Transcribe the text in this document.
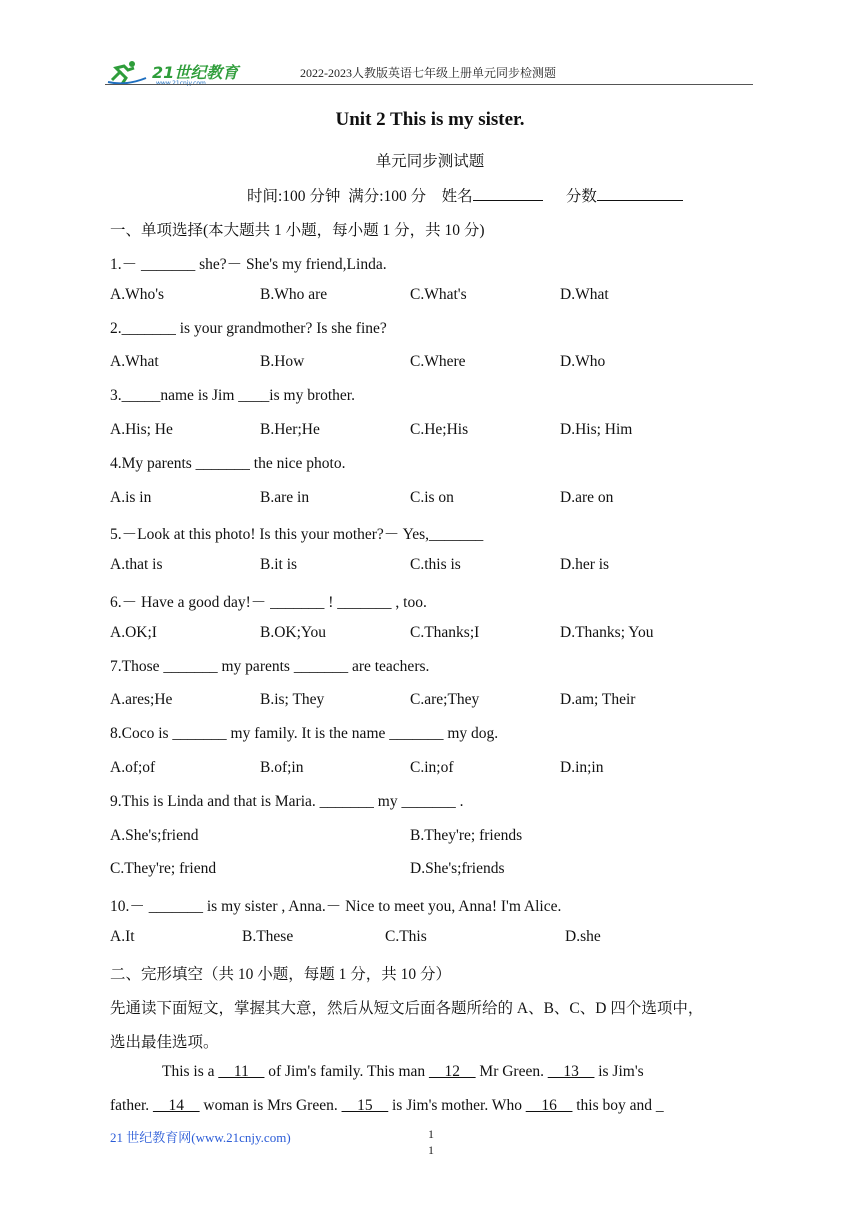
21世纪教育
www.21cnjy.com
2022-2023人教版英语七年级上册单元同步检测题
Unit 2 This is my sister.
单元同步测试题
时间:100 分钟 满分:100 分 姓名	分数
一、单项选择(本大题共 1 小题，每小题 1 分，共 10 分)
1.－ _______ she?－ She's my friend,Linda.
A.Who's	B.Who are	C.What's	D.What
2._______ is your grandmother? Is she fine?
A.What	B.How	C.Where	D.Who
3._____name is Jim ____is my brother.
A.His; He	B.Her;He	C.He;His	D.His; Him
4.My parents _______ the nice photo.
A.is in	B.are in	C.is on	D.are on
5.－Look at this photo! Is this your mother?－ Yes,_______
A.that is	B.it is	C.this is	D.her is
6.－ Have a good day!－ _______ ! _______ , too.
A.OK;I	B.OK;You	C.Thanks;I	D.Thanks; You
7.Those _______ my parents _______ are teachers.
A.ares;He	B.is; They	C.are;They	D.am; Their
8.Coco is _______ my family. It is the name _______ my dog.
A.of;of	B.of;in	C.in;of	D.in;in
9.This is Linda and that is Maria. _______ my _______ .
A.She's;friend	B.They're; friends
C.They're; friend	D.She's;friends
10.－ _______ is my sister , Anna.－ Nice to meet you, Anna! I'm Alice.
A.It	B.These	C.This	D.she
二、完形填空（共 10 小题，每题 1 分，共 10 分）
先通读下面短文，掌握其大意，然后从短文后面各题所给的 A、B、C、D 四个选项中，
选出最佳选项。
This is a __11__ of Jim's family. This man __12__ Mr Green. __13__ is Jim's
father. __14__ woman is Mrs Green. __15__ is Jim's mother. Who __16__ this boy and _
21 世纪教育网(www.21cnjy.com)	1
1
